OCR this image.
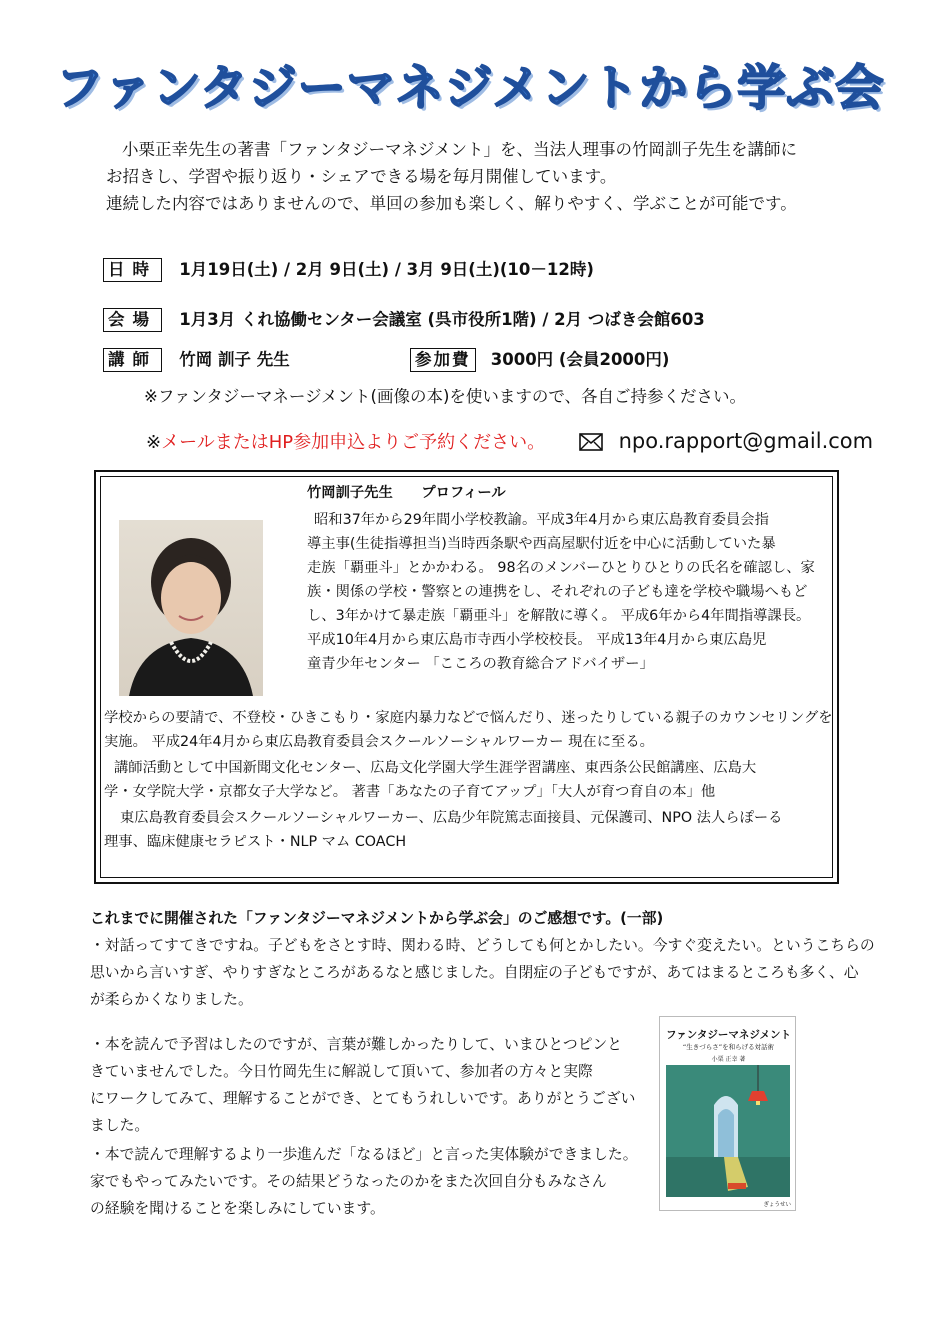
ファンタジーマネジメントから学ぶ会
小栗正幸先生の著書「ファンタジーマネジメント」を、当法人理事の竹岡訓子先生を講師に
お招きし、学習や振り返り・シェアできる場を毎月開催しています。
連続した内容ではありませんので、単回の参加も楽しく、解りやすく、学ぶことが可能です。
日時 1月19日(土) / 2月 9日(土) / 3月 9日(土)(10－12時)
会場 1月3月 くれ協働センター会議室 (呉市役所1階) / 2月 つばき会館603
講師 竹岡 訓子 先生	参加費 3000円 (会員2000円)
※ファンタジーマネージメント(画像の本)を使いますので、各自ご持参ください。
※メールまたはHP参加申込よりご予約ください。	npo.rapport@gmail.com
竹岡訓子先生　　プロフィール
昭和37年から29年間小学校教諭。平成3年4月から東広島教育委員会指
導主事(生徒指導担当)当時西条駅や西高屋駅付近を中心に活動していた暴
走族「覇亜斗」とかかわる。 98名のメンバーひとりひとりの氏名を確認し、家
族・関係の学校・警察との連携をし、それぞれの子ども達を学校や職場へもど
し、3年かけて暴走族「覇亜斗」を解散に導く。 平成6年から4年間指導課長。
平成10年4月から東広島市寺西小学校校長。 平成13年4月から東広島児
童青少年センター 「こころの教育総合アドバイザー」
学校からの要請で、不登校・ひきこもり・家庭内暴力などで悩んだり、迷ったりしている親子のカウンセリングを
実施。 平成24年4月から東広島教育委員会スクールソーシャルワーカー 現在に至る。
講師活動として中国新聞文化センター、広島文化学園大学生涯学習講座、東西条公民館講座、広島大
学・女学院大学・京都女子大学など。 著書「あなたの子育てアップ」「大人が育つ育自の本」他
東広島教育委員会スクールソーシャルワーカー、広島少年院篤志面接員、元保護司、NPO 法人らぽーる
理事、臨床健康セラピスト・NLP マム COACH
これまでに開催された「ファンタジーマネジメントから学ぶ会」のご感想です。(一部)
・対話ってすてきですね。子どもをさとす時、関わる時、どうしても何とかしたい。今すぐ変えたい。というこちらの
思いから言いすぎ、やりすぎなところがあるなと感じました。自閉症の子どもですが、あてはまるところも多く、心
が柔らかくなりました。
・本を読んで予習はしたのですが、言葉が難しかったりして、いまひとつピンと
きていませんでした。今日竹岡先生に解説して頂いて、参加者の方々と実際
にワークしてみて、理解することができ、とてもうれしいです。ありがとうござい
ました。
・本で読んで理解するより一歩進んだ「なるほど」と言った実体験ができました。
家でもやってみたいです。その結果どうなったのかをまた次回自分もみなさん
の経験を聞けることを楽しみにしています。
ファンタジーマネジメント
“生きづらさ”を和らげる対話術
小栗 正幸 著
ぎょうせい
